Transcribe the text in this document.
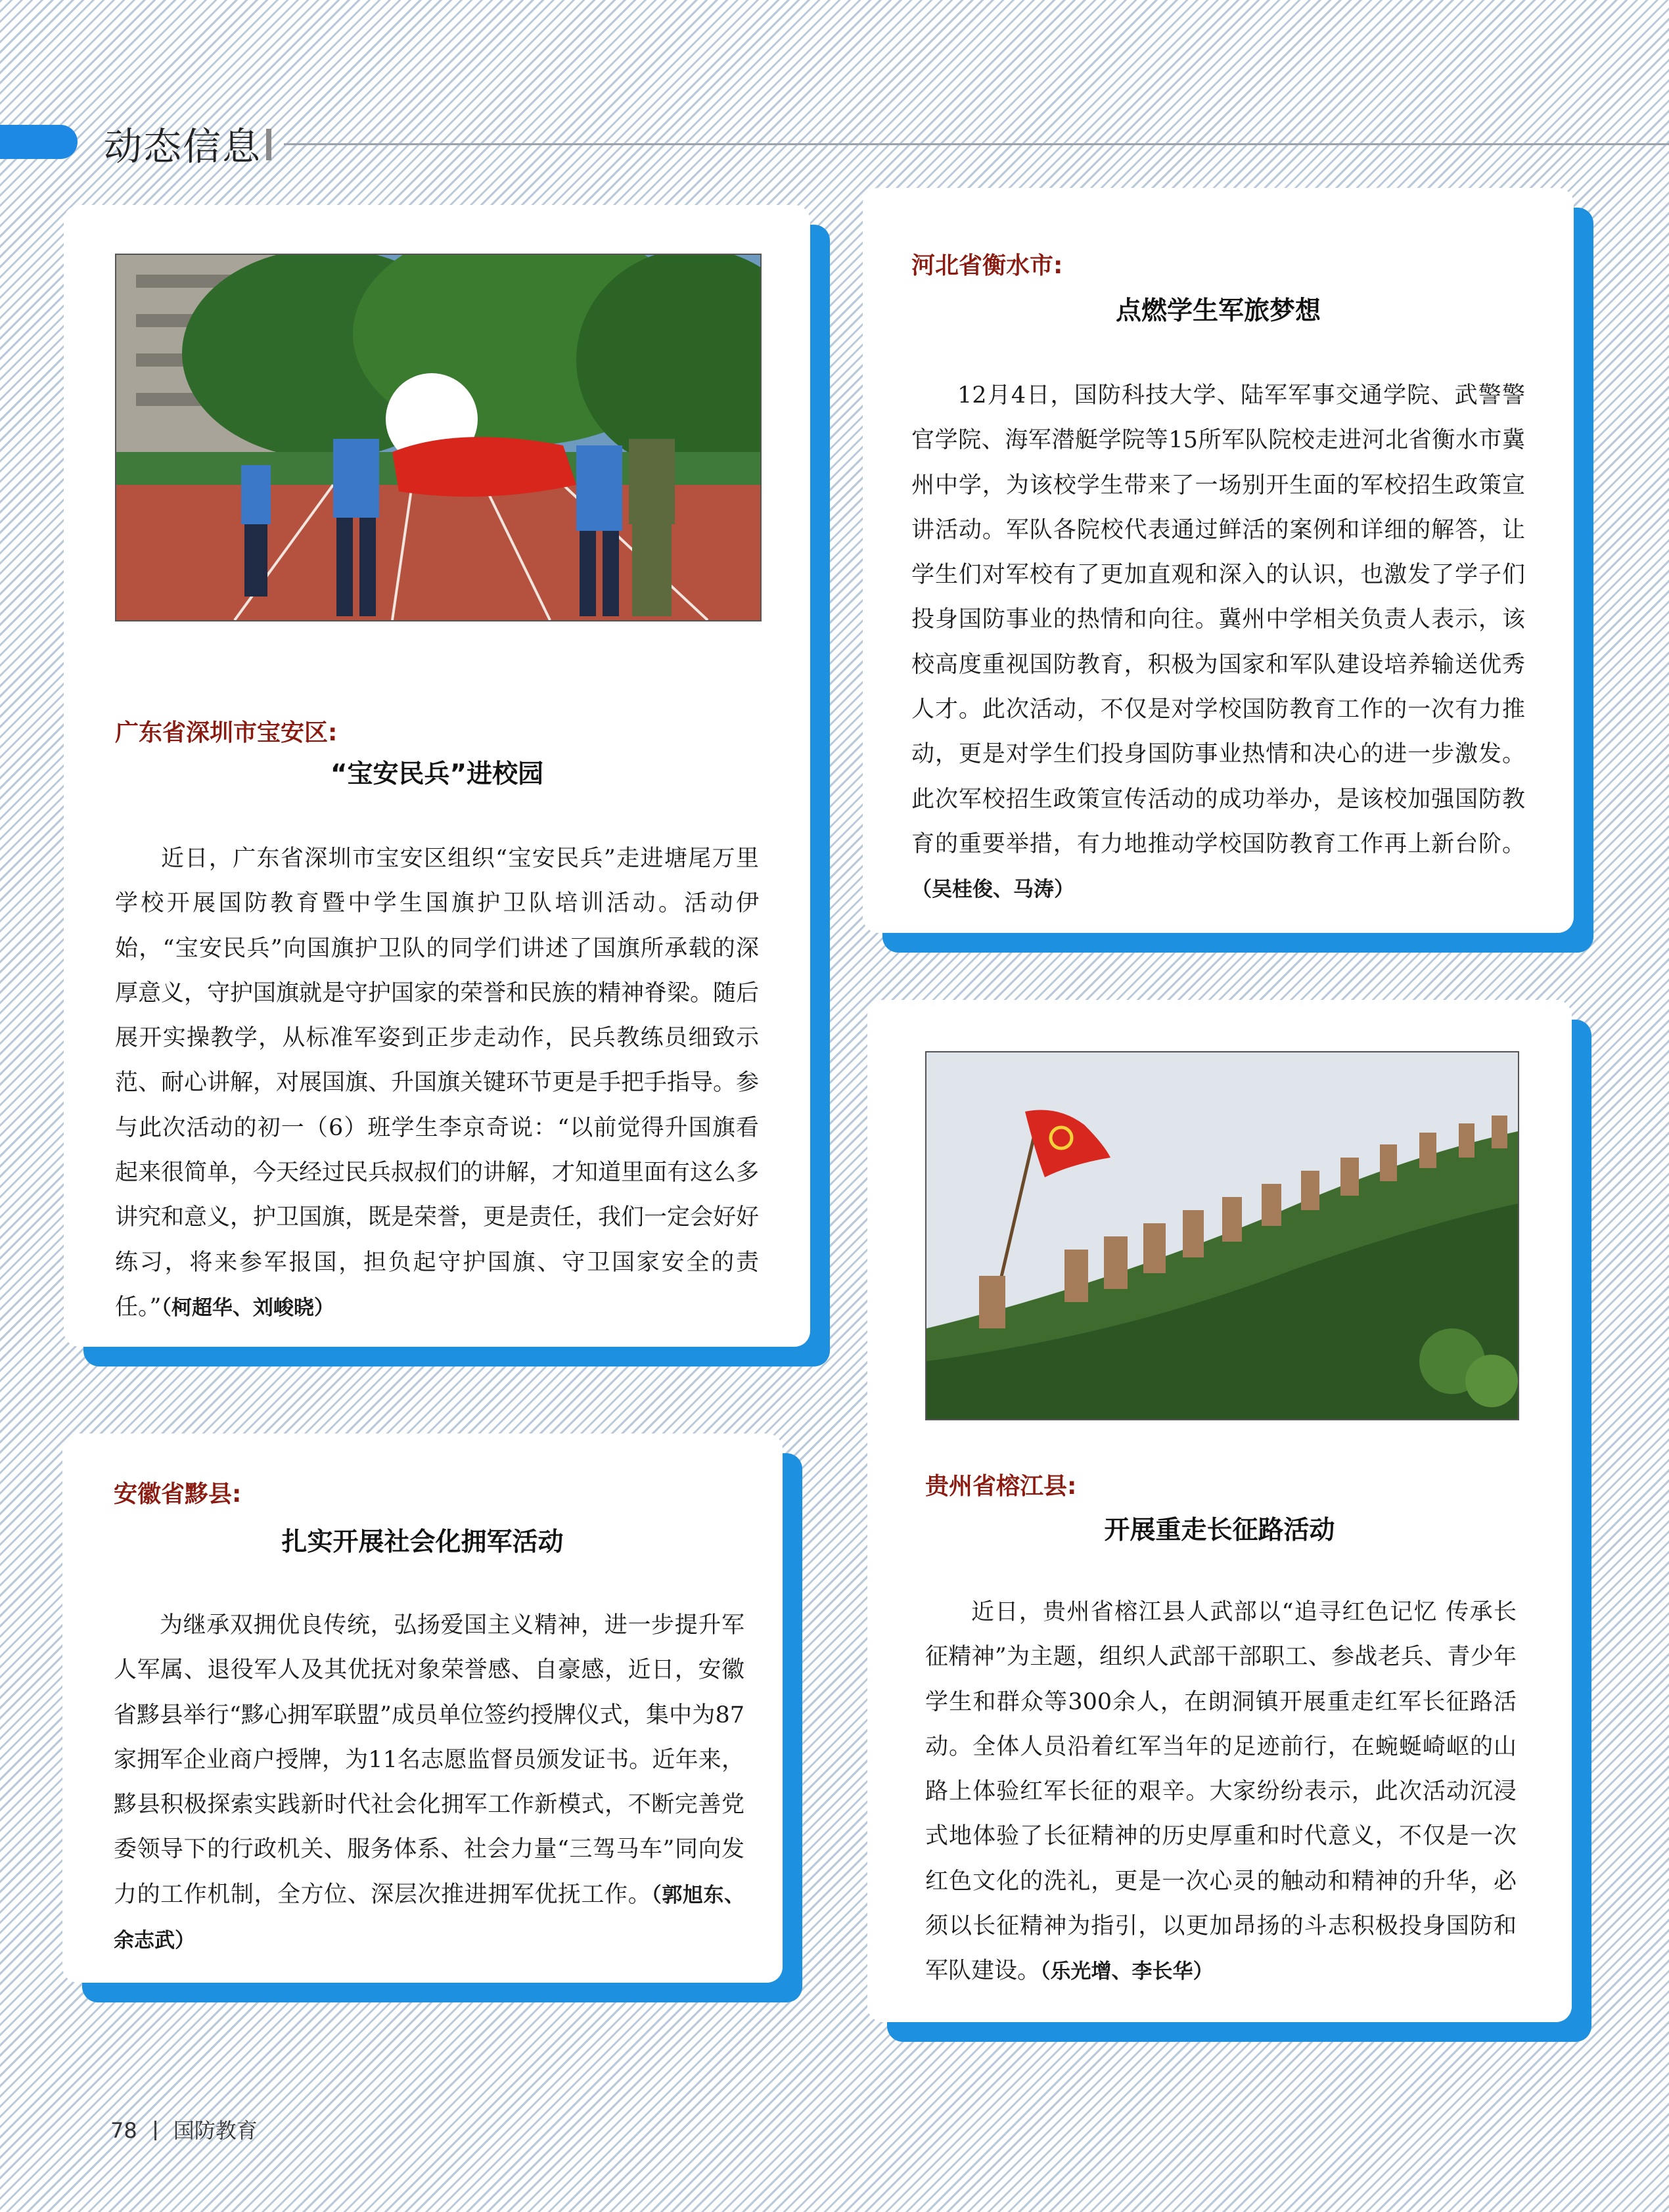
动态信息
广东省深圳市宝安区:
“宝安民兵”进校园
近日，广东省深圳市宝安区组织“宝安民兵”走进塘尾万里学校开展国防教育暨中学生国旗护卫队培训活动。活动伊始，“宝安民兵”向国旗护卫队的同学们讲述了国旗所承载的深厚意义，守护国旗就是守护国家的荣誉和民族的精神脊梁。随后展开实操教学，从标准军姿到正步走动作，民兵教练员细致示范、耐心讲解，对展国旗、升国旗关键环节更是手把手指导。参与此次活动的初一（6）班学生李京奇说：“以前觉得升国旗看起来很简单，今天经过民兵叔叔们的讲解，才知道里面有这么多讲究和意义，护卫国旗，既是荣誉，更是责任，我们一定会好好练习，将来参军报国，担负起守护国旗、守卫国家安全的责任。”（柯超华、刘峻晓）
河北省衡水市:
点燃学生军旅梦想
12月4日，国防科技大学、陆军军事交通学院、武警警官学院、海军潜艇学院等15所军队院校走进河北省衡水市冀州中学，为该校学生带来了一场别开生面的军校招生政策宣讲活动。军队各院校代表通过鲜活的案例和详细的解答，让学生们对军校有了更加直观和深入的认识，也激发了学子们投身国防事业的热情和向往。冀州中学相关负责人表示，该校高度重视国防教育，积极为国家和军队建设培养输送优秀人才。此次活动，不仅是对学校国防教育工作的一次有力推动，更是对学生们投身国防事业热情和决心的进一步激发。此次军校招生政策宣传活动的成功举办，是该校加强国防教育的重要举措，有力地推动学校国防教育工作再上新台阶。（吴桂俊、马涛）
安徽省黟县:
扎实开展社会化拥军活动
为继承双拥优良传统，弘扬爱国主义精神，进一步提升军人军属、退役军人及其优抚对象荣誉感、自豪感，近日，安徽省黟县举行“黟心拥军联盟”成员单位签约授牌仪式，集中为87家拥军企业商户授牌，为11名志愿监督员颁发证书。近年来，黟县积极探索实践新时代社会化拥军工作新模式，不断完善党委领导下的行政机关、服务体系、社会力量“三驾马车”同向发力的工作机制，全方位、深层次推进拥军优抚工作。（郭旭东、余志武）
贵州省榕江县:
开展重走长征路活动
近日，贵州省榕江县人武部以“追寻红色记忆 传承长征精神”为主题，组织人武部干部职工、参战老兵、青少年学生和群众等300余人，在朗洞镇开展重走红军长征路活动。全体人员沿着红军当年的足迹前行，在蜿蜒崎岖的山路上体验红军长征的艰辛。大家纷纷表示，此次活动沉浸式地体验了长征精神的历史厚重和时代意义，不仅是一次红色文化的洗礼，更是一次心灵的触动和精神的升华，必须以长征精神为指引，以更加昂扬的斗志积极投身国防和军队建设。（乐光增、李长华）
78 国防教育
